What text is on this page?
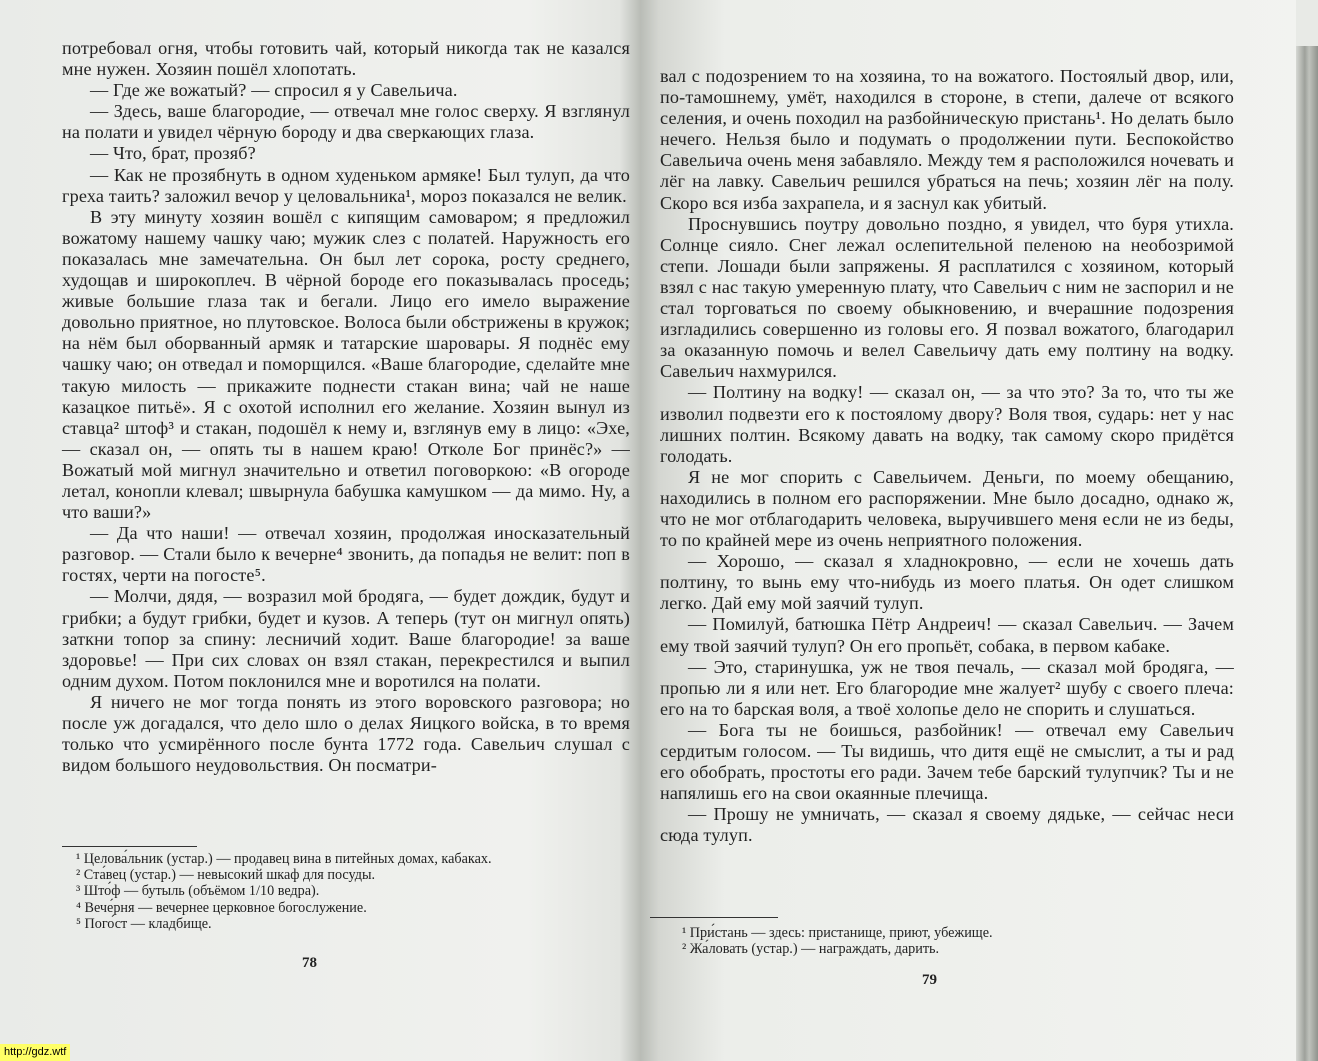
потребовал огня, чтобы готовить чай, который никогда так не казался мне нужен. Хозяин пошёл хлопотать.

— Где же вожатый? — спросил я у Савельича.

— Здесь, ваше благородие, — отвечал мне голос сверху. Я взглянул на полати и увидел чёрную бороду и два сверкающих глаза.

— Что, брат, прозяб?

— Как не прозябнуть в одном худеньком армяке! Был тулуп, да что греха таить? заложил вечор у целовальника¹, мороз показался не велик.

В эту минуту хозяин вошёл с кипящим самоваром; я предложил вожатому нашему чашку чаю; мужик слез с полатей. Наружность его показалась мне замечательна. Он был лет сорока, росту среднего, худощав и широкоплеч. В чёрной бороде его показывалась проседь; живые большие глаза так и бегали. Лицо его имело выражение довольно приятное, но плутовское. Волоса были обстрижены в кружок; на нём был оборванный армяк и татарские шаровары. Я поднёс ему чашку чаю; он отведал и поморщился. «Ваше благородие, сделайте мне такую милость — прикажите поднести стакан вина; чай не наше казацкое питьё». Я с охотой исполнил его желание. Хозяин вынул из ставца² штоф³ и стакан, подошёл к нему и, взглянув ему в лицо: «Эхе, — сказал он, — опять ты в нашем краю! Отколе Бог принёс?» — Вожатый мой мигнул значительно и ответил поговоркою: «В огороде летал, конопли клевал; швырнула бабушка камушком — да мимо. Ну, а что ваши?»

— Да что наши! — отвечал хозяин, продолжая иносказательный разговор. — Стали было к вечерне⁴ звонить, да попадья не велит: поп в гостях, черти на погосте⁵.

— Молчи, дядя, — возразил мой бродяга, — будет дождик, будут и грибки; а будут грибки, будет и кузов. А теперь (тут он мигнул опять) заткни топор за спину: лесничий ходит. Ваше благородие! за ваше здоровье! — При сих словах он взял стакан, перекрестился и выпил одним духом. Потом поклонился мне и воротился на полати.

Я ничего не мог тогда понять из этого воровского разговора; но после уж догадался, что дело шло о делах Яицкого войска, в то время только что усмирённого после бунта 1772 года. Савельич слушал с видом большого неудовольствия. Он посматри-

¹ Целова́льник (устар.) — продавец вина в питейных домах, кабаках.
² Ста́вец (устар.) — невысокий шкаф для посуды.
³ Што́ф — бутыль (объёмом 1/10 ведра).
⁴ Вече́рня — вечернее церковное богослужение.
⁵ Пого́ст — кладбище.
78

вал с подозрением то на хозяина, то на вожатого. Постоялый двор, или, по-тамошнему, умёт, находился в стороне, в степи, далече от всякого селения, и очень походил на разбойническую пристань¹. Но делать было нечего. Нельзя было и подумать о продолжении пути. Беспокойство Савельича очень меня забавляло. Между тем я расположился ночевать и лёг на лавку. Савельич решился убраться на печь; хозяин лёг на полу. Скоро вся изба захрапела, и я заснул как убитый.

Проснувшись поутру довольно поздно, я увидел, что буря утихла. Солнце сияло. Снег лежал ослепительной пеленою на необозримой степи. Лошади были запряжены. Я расплатился с хозяином, который взял с нас такую умеренную плату, что Савельич с ним не заспорил и не стал торговаться по своему обыкновению, и вчерашние подозрения изгладились совершенно из головы его. Я позвал вожатого, благодарил за оказанную помочь и велел Савельичу дать ему полтину на водку. Савельич нахмурился.

— Полтину на водку! — сказал он, — за что это? За то, что ты же изволил подвезти его к постоялому двору? Воля твоя, сударь: нет у нас лишних полтин. Всякому давать на водку, так самому скоро придётся голодать.

Я не мог спорить с Савельичем. Деньги, по моему обещанию, находились в полном его распоряжении. Мне было досадно, однако ж, что не мог отблагодарить человека, выручившего меня если не из беды, то по крайней мере из очень неприятного положения.

— Хорошо, — сказал я хладнокровно, — если не хочешь дать полтину, то вынь ему что-нибудь из моего платья. Он одет слишком легко. Дай ему мой заячий тулуп.

— Помилуй, батюшка Пётр Андреич! — сказал Савельич. — Зачем ему твой заячий тулуп? Он его пропьёт, собака, в первом кабаке.

— Это, старинушка, уж не твоя печаль, — сказал мой бродяга, — пропью ли я или нет. Его благородие мне жалует² шубу с своего плеча: его на то барская воля, а твоё холопье дело не спорить и слушаться.

— Бога ты не боишься, разбойник! — отвечал ему Савельич сердитым голосом. — Ты видишь, что дитя ещё не смыслит, а ты и рад его обобрать, простоты его ради. Зачем тебе барский тулупчик? Ты и не напялишь его на свои окаянные плечища.

— Прошу не умничать, — сказал я своему дядьке, — сейчас неси сюда тулуп.

¹ При́стань — здесь: пристанище, приют, убежище.
² Жа́ловать (устар.) — награждать, дарить.
79
http://gdz.wtf
